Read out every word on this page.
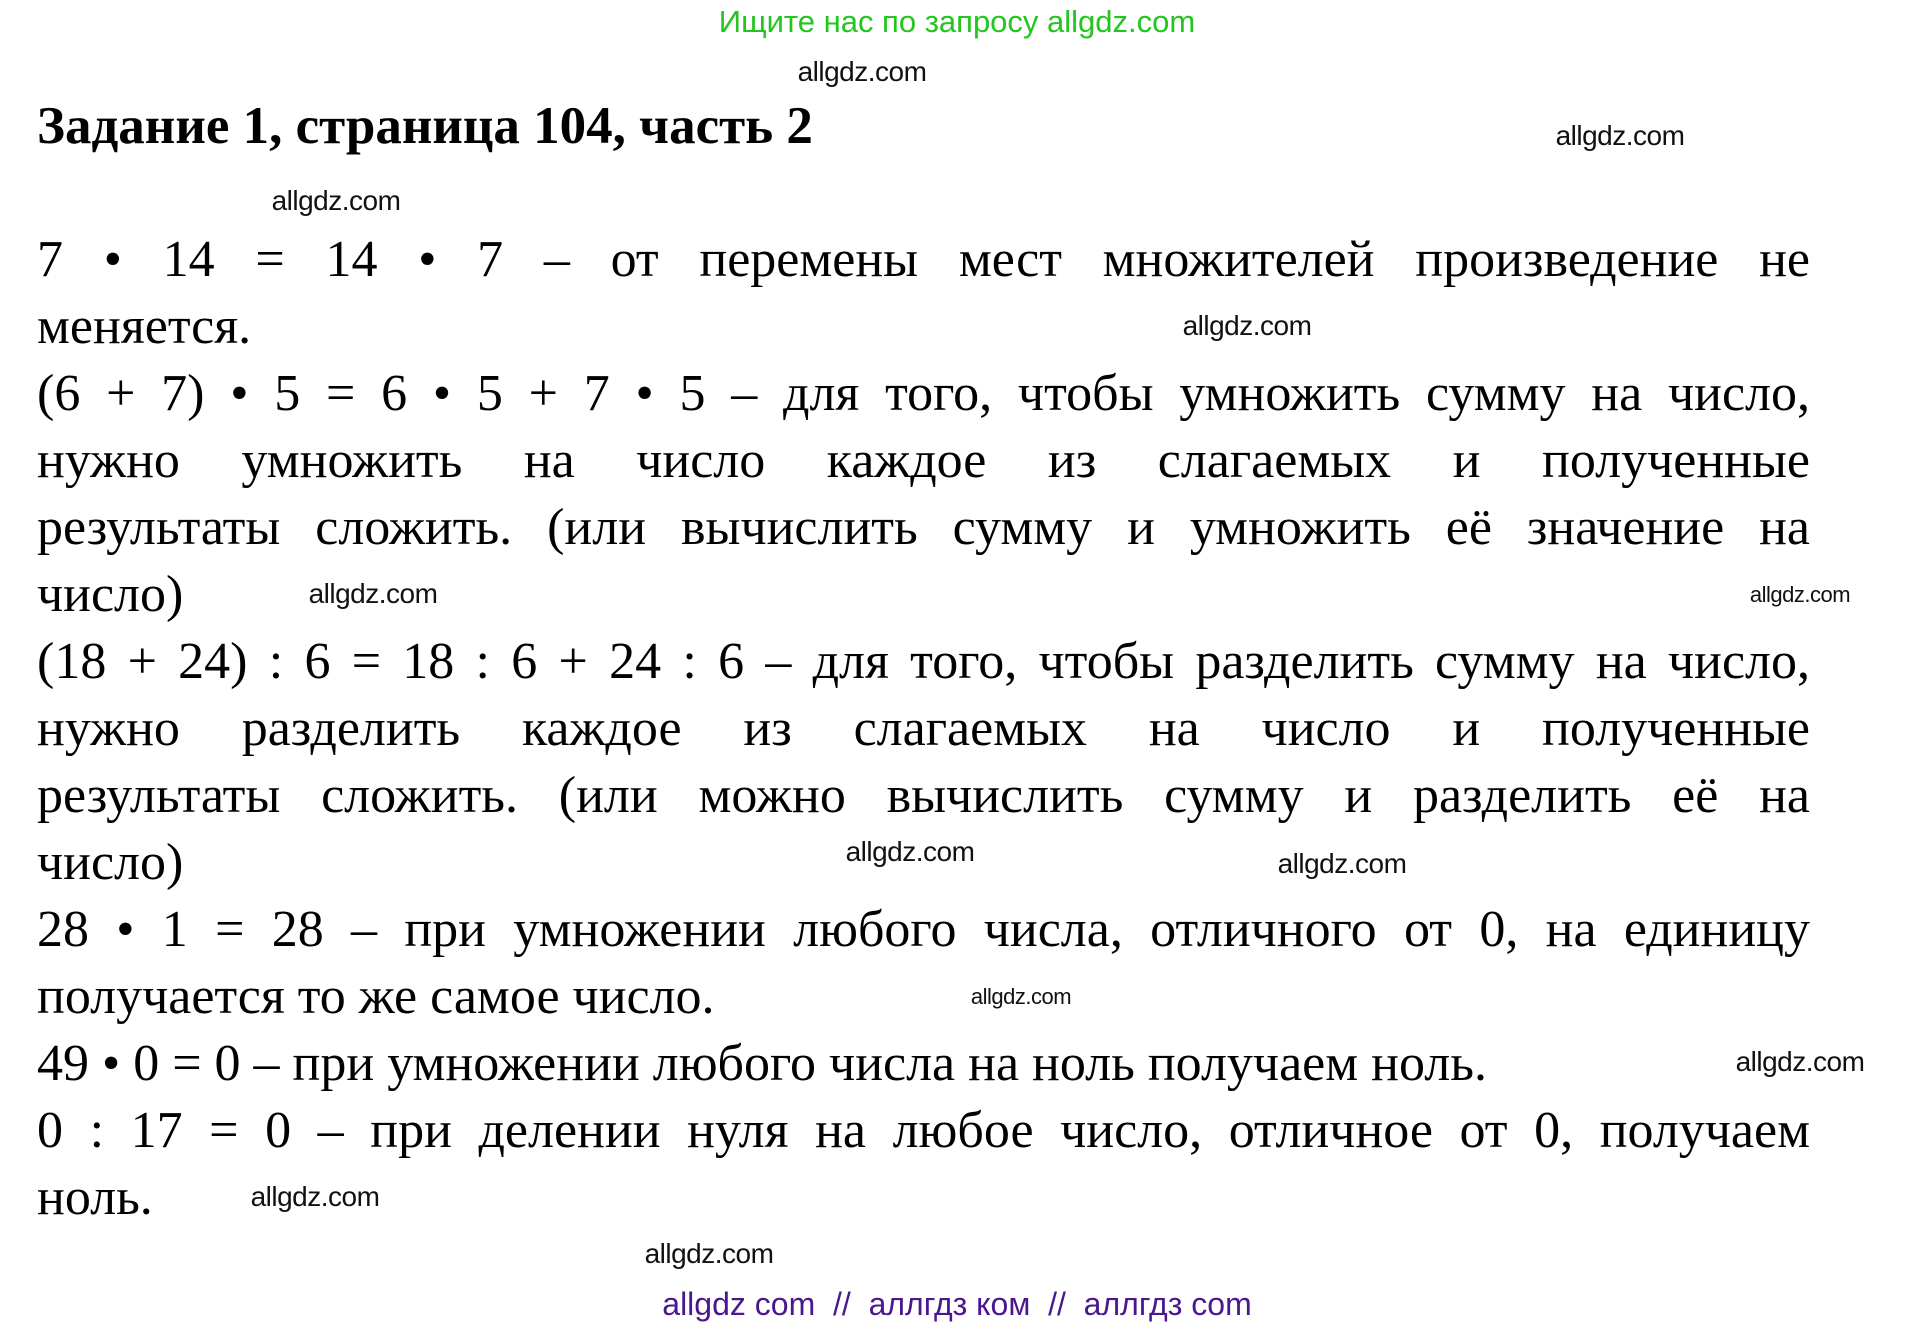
Ищите нас по запросу allgdz.com
Задание 1, страница 104, часть 2
7 • 14 = 14 • 7 – от перемены мест множителей произведение не
меняется.
(6 + 7) • 5 = 6 • 5 + 7 • 5 – для того, чтобы умножить сумму на число,
нужно умножить на число каждое из слагаемых и полученные
результаты сложить. (или вычислить сумму и умножить её значение на
число)
(18 + 24) : 6 = 18 : 6 + 24 : 6 – для того, чтобы разделить сумму на число,
нужно разделить каждое из слагаемых на число и полученные
результаты сложить. (или можно вычислить сумму и разделить её на
число)
28 • 1 = 28 – при умножении любого числа, отличного от 0, на единицу
получается то же самое число.
49 • 0 = 0 – при умножении любого числа на ноль получаем ноль.
0 : 17 = 0 – при делении нуля на любое число, отличное от 0, получаем
ноль.
allgdz.com
allgdz.com
allgdz.com
allgdz.com
allgdz.com
allgdz.com
allgdz.com	allgdz.com
allgdz.com
allgdz.com
allgdz.com
allgdz.com
allgdz com  //  аллгдз ком  //  аллгдз com
